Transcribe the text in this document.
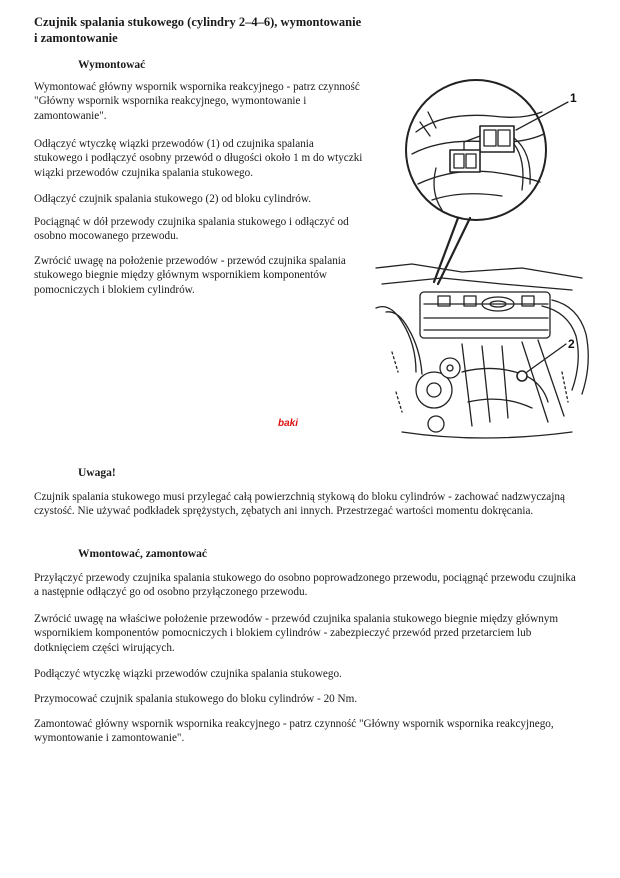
Czujnik spalania stukowego (cylindry 2–4–6), wymontowanie i zamontowanie
Wymontować

Wymontować główny wspornik wspornika reakcyjnego - patrz czynność "Główny wspornik wspornika reakcyjnego, wymontowanie i zamontowanie".

Odłączyć wtyczkę wiązki przewodów (1) od czujnika spalania stukowego i podłączyć osobny przewód o długości około 1 m do wtyczki wiązki przewodów czujnika spalania stukowego.

Odłączyć czujnik spalania stukowego (2) od bloku cylindrów.

Pociągnąć w dół przewody czujnika spalania stukowego i odłączyć od osobno mocowanego przewodu.

Zwrócić uwagę na położenie przewodów - przewód czujnika spalania stukowego biegnie między głównym wspornikiem komponentów pomocniczych i blokiem cylindrów.

1
2
baki
Uwaga!

Czujnik spalania stukowego musi przylegać całą powierzchnią stykową do bloku cylindrów - zachować nadzwyczajną czystość. Nie używać podkładek sprężystych, zębatych ani innych. Przestrzegać wartości momentu dokręcania.

Wmontować, zamontować

Przyłączyć przewody czujnika spalania stukowego do osobno poprowadzonego przewodu, pociągnąć przewodu czujnika a następnie odłączyć go od osobno przyłączonego przewodu.

Zwrócić uwagę na właściwe położenie przewodów - przewód czujnika spalania stukowego biegnie między głównym wspornikiem komponentów pomocniczych i blokiem cylindrów - zabezpieczyć przewód przed przetarciem lub dotknięciem części wirujących.

Podłączyć wtyczkę wiązki przewodów czujnika spalania stukowego.

Przymocować czujnik spalania stukowego do bloku cylindrów - 20 Nm.

Zamontować główny wspornik wspornika reakcyjnego - patrz czynność "Główny wspornik wspornika reakcyjnego, wymontowanie i zamontowanie".
